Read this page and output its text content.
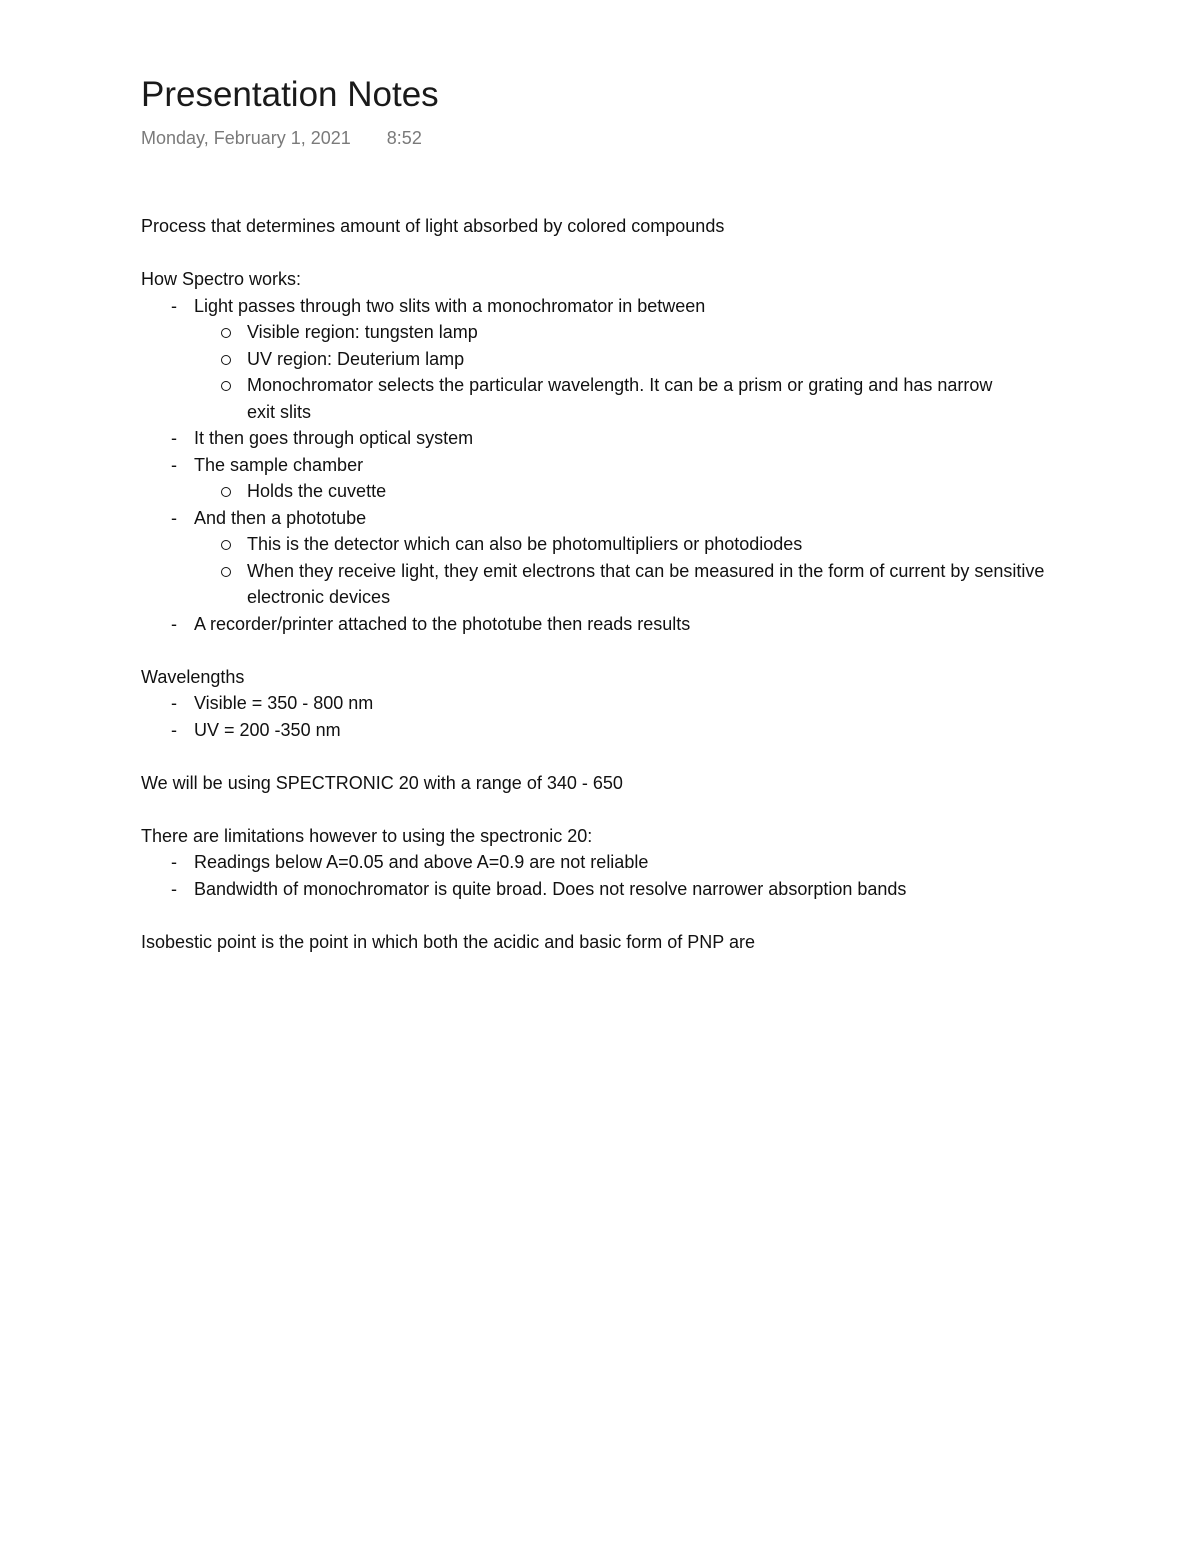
Presentation Notes
Monday, February 1, 2021 8:52

Process that determines amount of light absorbed by colored compounds

How Spectro works:

- Light passes through two slits with a monochromator in between
Visible region: tungsten lamp
UV region: Deuterium lamp
Monochromator selects the particular wavelength. It can be a prism or grating and has narrow exit slits
- It then goes through optical system
- The sample chamber
Holds the cuvette
- And then a phototube
This is the detector which can also be photomultipliers or photodiodes
When they receive light, they emit electrons that can be measured in the form of current by sensitive electronic devices
- A recorder/printer attached to the phototube then reads results

Wavelengths

- Visible = 350 - 800 nm
- UV = 200 -350 nm

We will be using SPECTRONIC 20 with a range of 340 - 650

There are limitations however to using the spectronic 20:

- Readings below A=0.05 and above A=0.9 are not reliable
- Bandwidth of monochromator is quite broad. Does not resolve narrower absorption bands

Isobestic point is the point in which both the acidic and basic form of PNP are
